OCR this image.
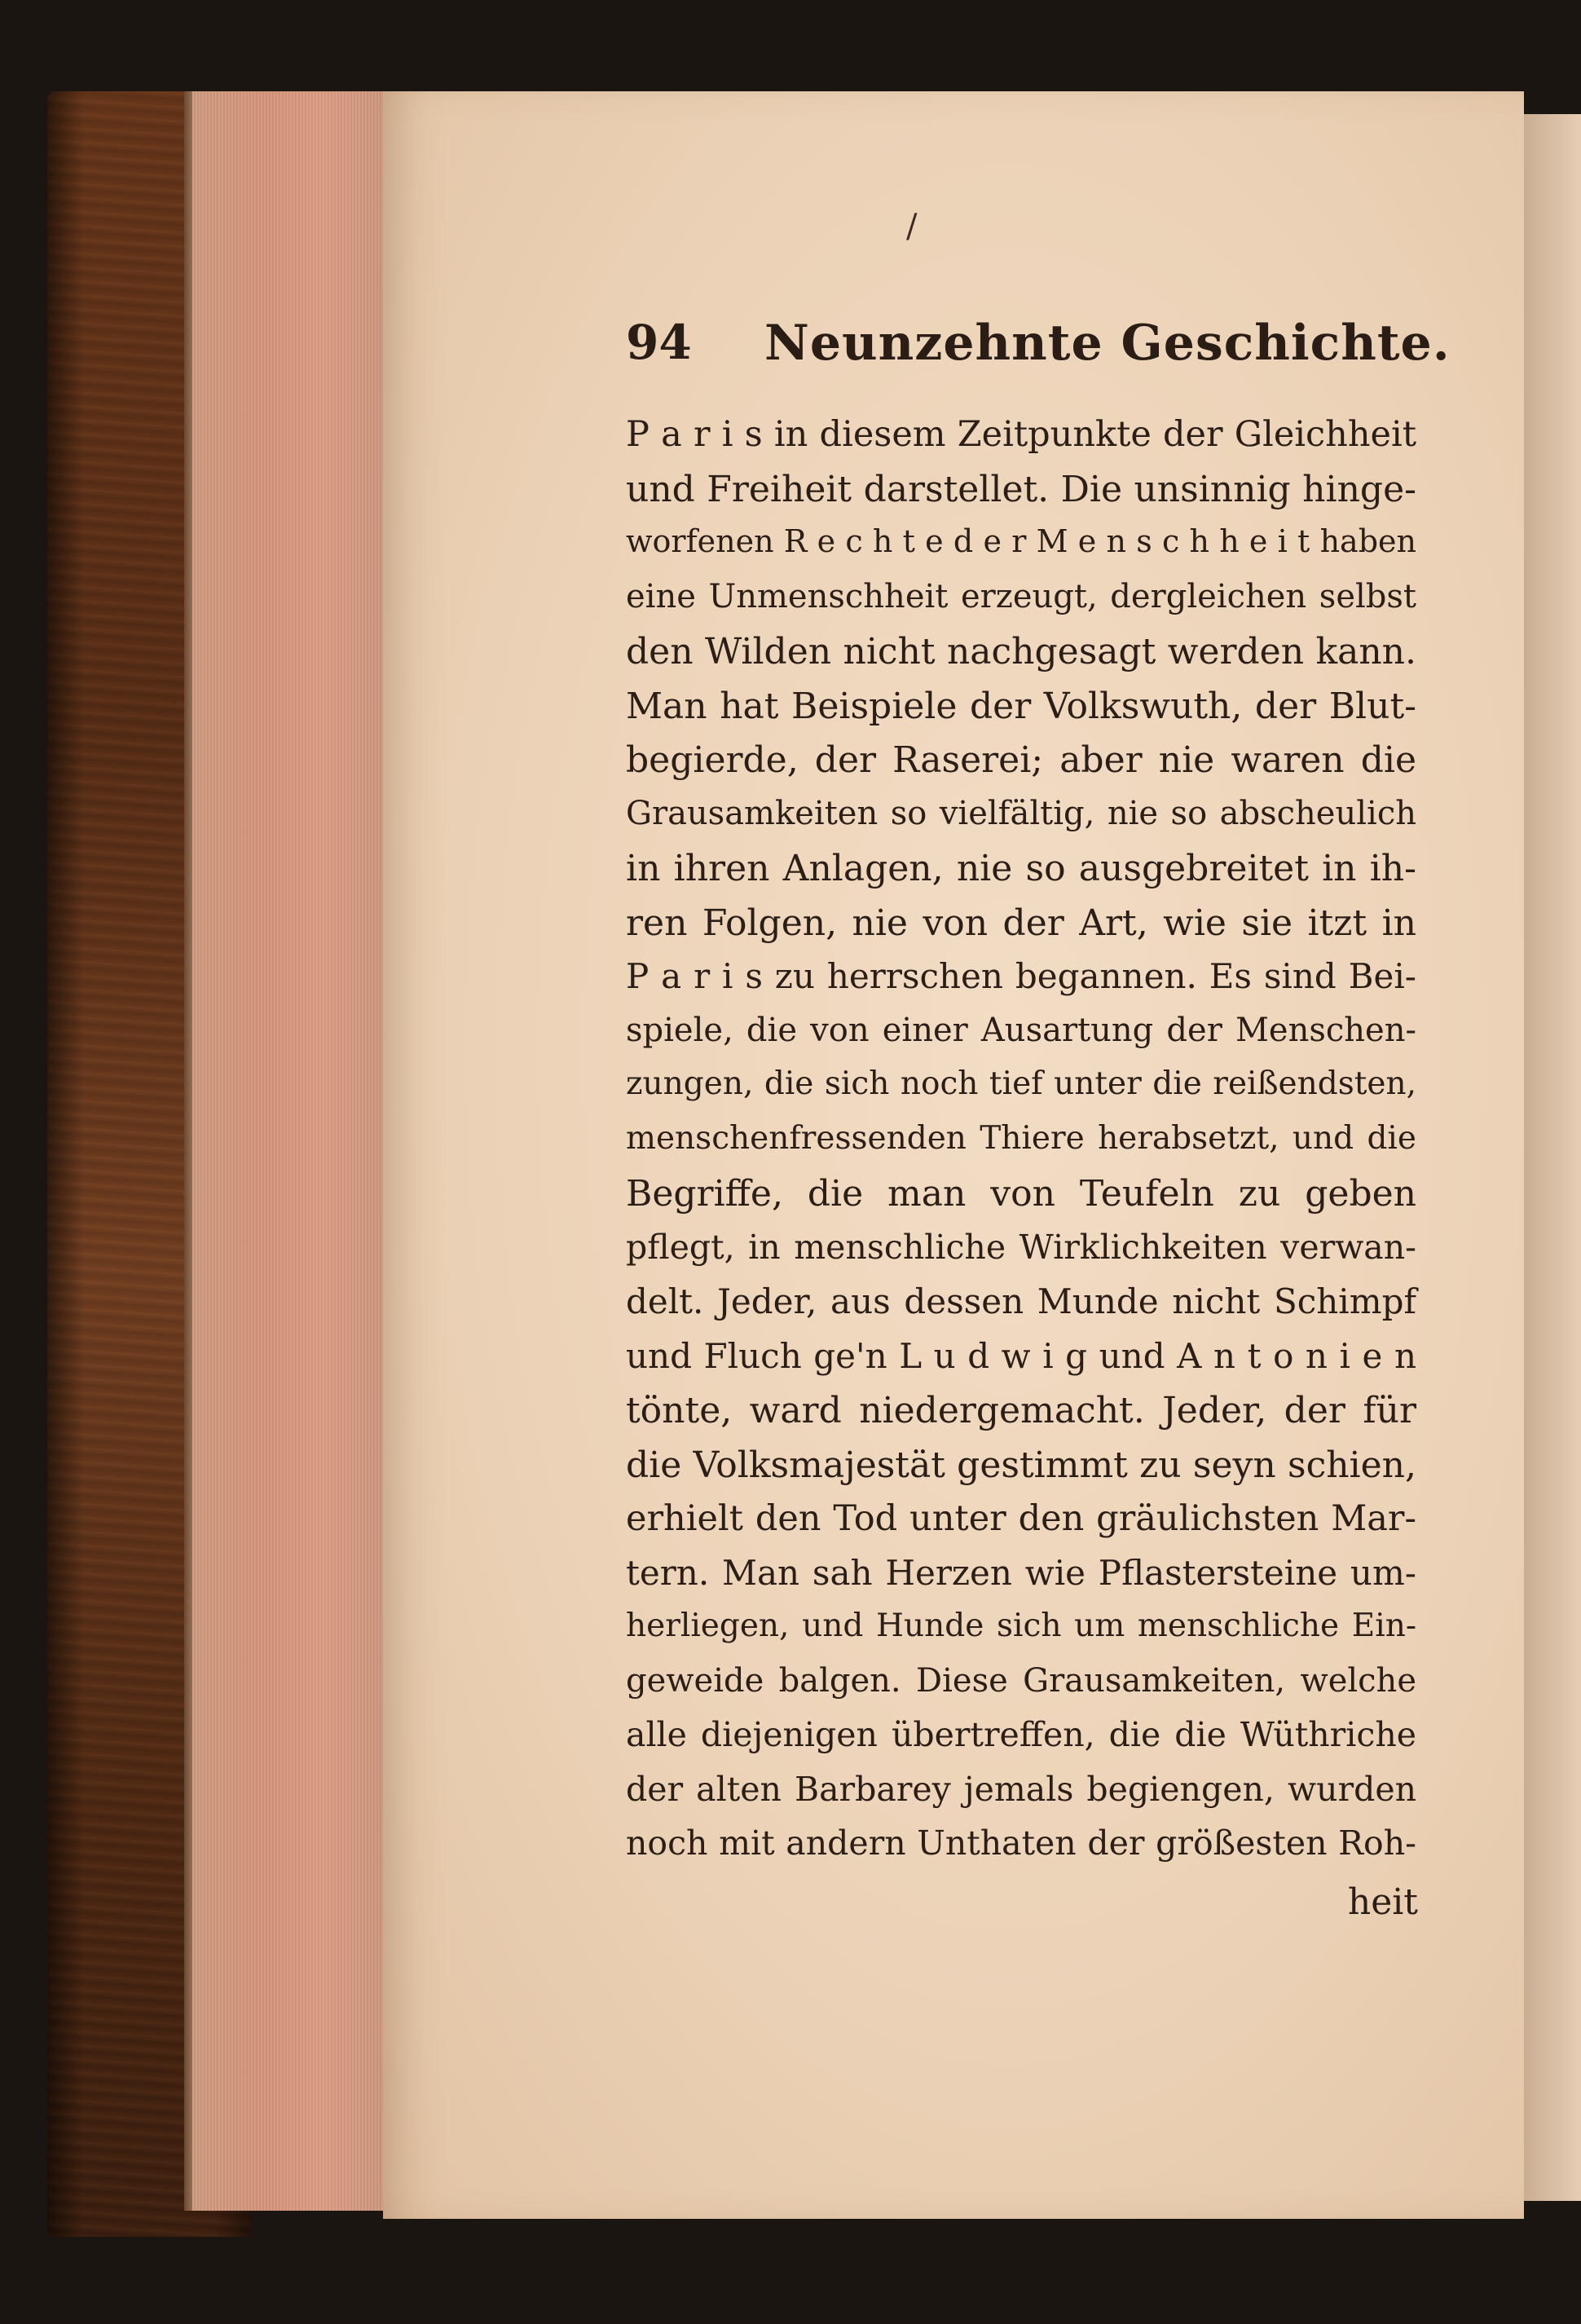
/
94 Neunzehnte Geschichte.
P a r i s in diesem Zeitpunkte der Gleichheit
und Freiheit darstellet. Die unsinnig hinge-
worfenen R e c h t e d e r M e n s c h h e i t haben
eine Unmenschheit erzeugt, dergleichen selbst
den Wilden nicht nachgesagt werden kann.
Man hat Beispiele der Volkswuth, der Blut-
begierde, der Raserei; aber nie waren die
Grausamkeiten so vielfältig, nie so abscheulich
in ihren Anlagen, nie so ausgebreitet in ih-
ren Folgen, nie von der Art, wie sie itzt in
P a r i s zu herrschen begannen. Es sind Bei-
spiele, die von einer Ausartung der Menschen-
zungen, die sich noch tief unter die reißendsten,
menschenfressenden Thiere herabsetzt, und die
Begriffe, die man von Teufeln zu geben
pflegt, in menschliche Wirklichkeiten verwan-
delt. Jeder, aus dessen Munde nicht Schimpf
und Fluch ge'n L u d w i g und A n t o n i e n
tönte, ward niedergemacht. Jeder, der für
die Volksmajestät gestimmt zu seyn schien,
erhielt den Tod unter den gräulichsten Mar-
tern. Man sah Herzen wie Pflastersteine um-
herliegen, und Hunde sich um menschliche Ein-
geweide balgen. Diese Grausamkeiten, welche
alle diejenigen übertreffen, die die Wüthriche
der alten Barbarey jemals begiengen, wurden
noch mit andern Unthaten der größesten Roh-
heit
